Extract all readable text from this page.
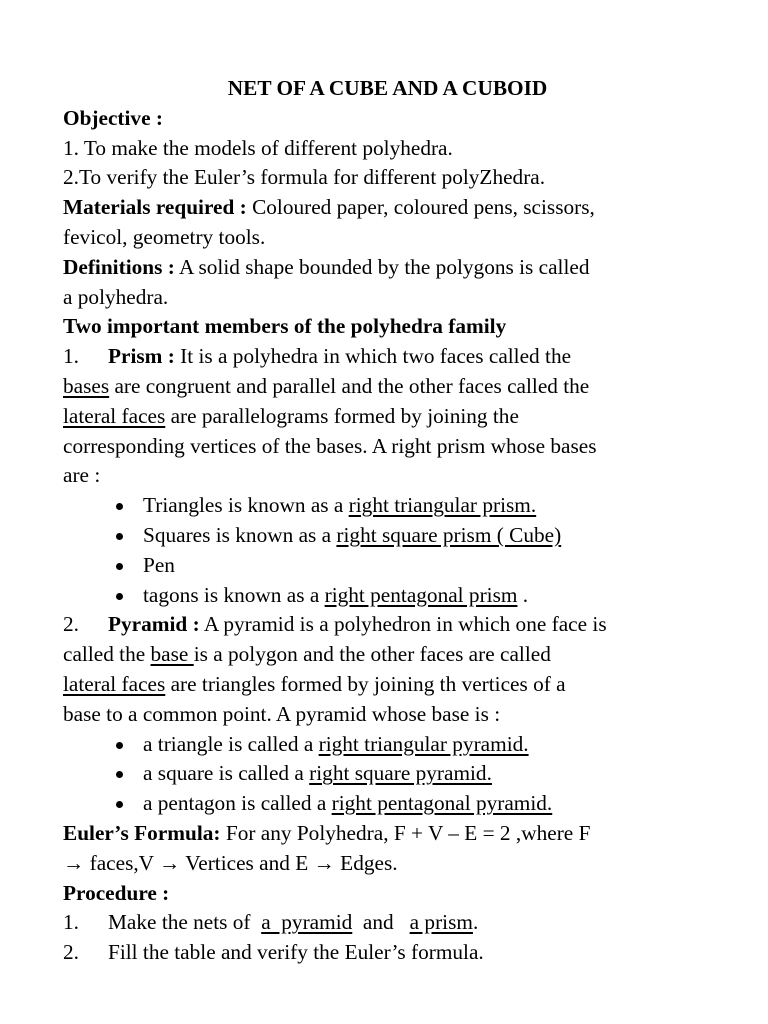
NET OF A CUBE AND A CUBOID
Objective :
1. To make the models of different polyhedra.
2.To verify the Euler’s formula for different polyZhedra.
Materials required : Coloured paper, coloured pens, scissors,
fevicol, geometry tools.
Definitions : A solid shape bounded by the polygons is called
a polyhedra.
Two important members of the polyhedra family
1. Prism : It is a polyhedra in which two faces called the
bases are congruent and parallel and the other faces called the
lateral faces are parallelograms formed by joining the
corresponding vertices of the bases. A right prism whose bases
are :
Triangles is known as a right triangular prism.
Squares is known as a right square prism ( Cube)
Pen
tagons is known as a right pentagonal prism .
2. Pyramid : A pyramid is a polyhedron in which one face is
called the base is a polygon and the other faces are called
lateral faces are triangles formed by joining th vertices of a
base to a common point. A pyramid whose base is :
a triangle is called a right triangular pyramid.
a square is called a right square pyramid.
a pentagon is called a right pentagonal pyramid.
Euler’s Formula: For any Polyhedra, F + V – E = 2 ,where F
→ faces,V → Vertices and E → Edges.
Procedure :
1. Make the nets of  a  pyramid  and   a prism.
2. Fill the table and verify the Euler’s formula.
